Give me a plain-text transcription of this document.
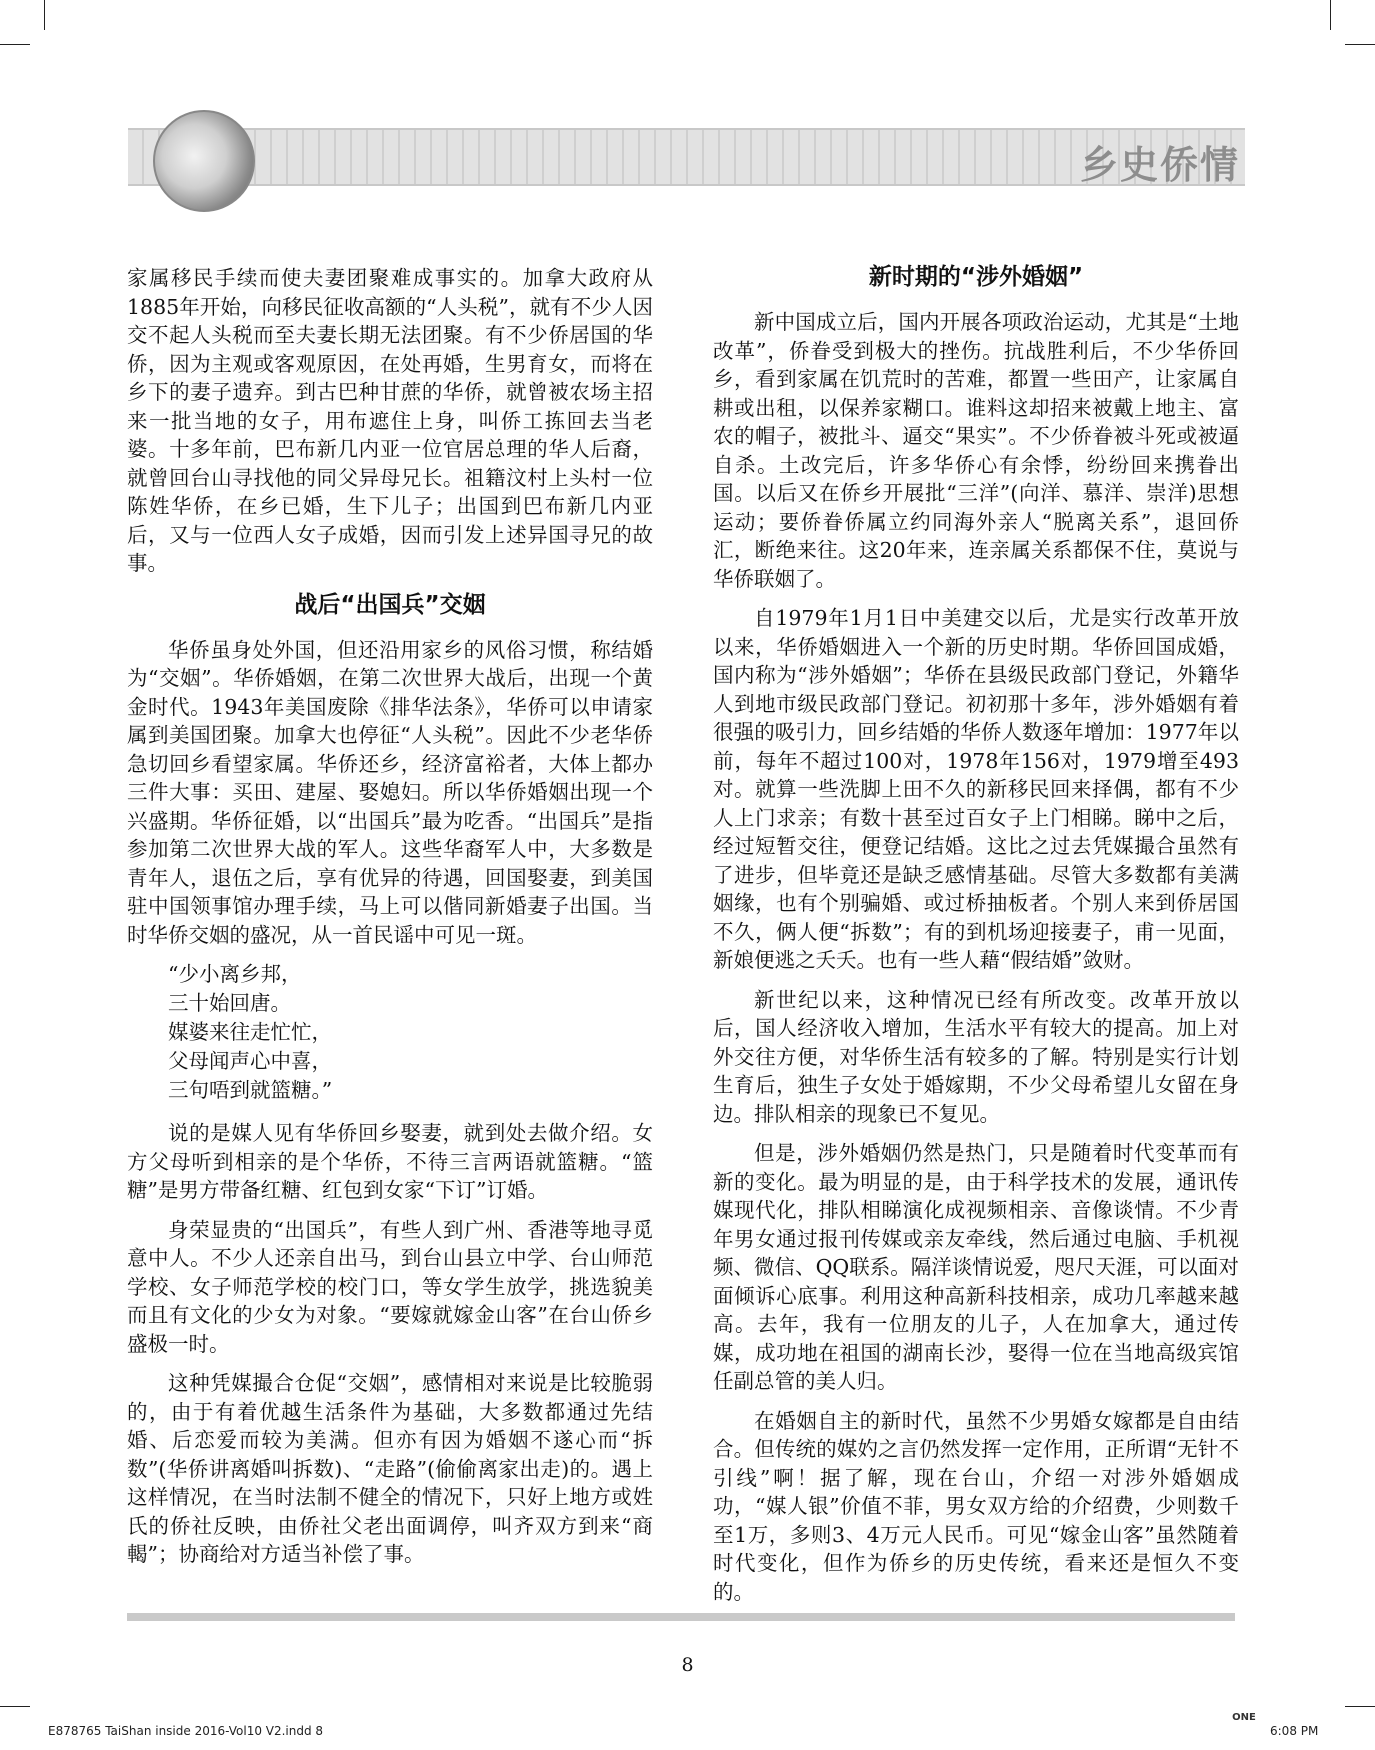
乡史侨情

家属移民手续而使夫妻团聚难成事实的。加拿大政府从1885年开始，向移民征收高额的“人头税”，就有不少人因交不起人头税而至夫妻长期无法团聚。有不少侨居国的华侨，因为主观或客观原因，在处再婚，生男育女，而将在乡下的妻子遗弃。到古巴种甘蔗的华侨，就曾被农场主招来一批当地的女子，用布遮住上身，叫侨工拣回去当老婆。十多年前，巴布新几内亚一位官居总理的华人后裔，就曾回台山寻找他的同父异母兄长。祖籍汶村上头村一位陈姓华侨，在乡已婚，生下儿子；出国到巴布新几内亚后，又与一位西人女子成婚，因而引发上述异国寻兄的故事。

战后“出国兵”交姻

华侨虽身处外国，但还沿用家乡的风俗习惯，称结婚为“交姻”。华侨婚姻，在第二次世界大战后，出现一个黄金时代。1943年美国废除《排华法条》，华侨可以申请家属到美国团聚。加拿大也停征“人头税”。因此不少老华侨急切回乡看望家属。华侨还乡，经济富裕者，大体上都办三件大事：买田、建屋、娶媳妇。所以华侨婚姻出现一个兴盛期。华侨征婚，以“出国兵”最为吃香。“出国兵”是指参加第二次世界大战的军人。这些华裔军人中，大多数是青年人，退伍之后，享有优异的待遇，回国娶妻，到美国驻中国领事馆办理手续，马上可以偕同新婚妻子出国。当时华侨交姻的盛况，从一首民谣中可见一斑。

“少小离乡邦，
三十始回唐。
媒婆来往走忙忙，
父母闻声心中喜，
三句唔到就篮糖。”

说的是媒人见有华侨回乡娶妻，就到处去做介绍。女方父母听到相亲的是个华侨，不待三言两语就篮糖。“篮糖”是男方带备红糖、红包到女家“下订”订婚。

身荣显贵的“出国兵”，有些人到广州、香港等地寻觅意中人。不少人还亲自出马，到台山县立中学、台山师范学校、女子师范学校的校门口，等女学生放学，挑选貌美而且有文化的少女为对象。“要嫁就嫁金山客”在台山侨乡盛极一时。

这种凭媒撮合仓促“交姻”，感情相对来说是比较脆弱的，由于有着优越生活条件为基础，大多数都通过先结婚、后恋爱而较为美满。但亦有因为婚姻不遂心而“拆数”(华侨讲离婚叫拆数)、“走路”(偷偷离家出走)的。遇上这样情况，在当时法制不健全的情况下，只好上地方或姓氏的侨社反映，由侨社父老出面调停，叫齐双方到来“商輵”；协商给对方适当补偿了事。

新时期的“涉外婚姻”

新中国成立后，国内开展各项政治运动，尤其是“土地改革”，侨眷受到极大的挫伤。抗战胜利后，不少华侨回乡，看到家属在饥荒时的苦难，都置一些田产，让家属自耕或出租，以保养家糊口。谁料这却招来被戴上地主、富农的帽子，被批斗、逼交“果实”。不少侨眷被斗死或被逼自杀。土改完后，许多华侨心有余悸，纷纷回来携眷出国。以后又在侨乡开展批“三洋”(向洋、慕洋、崇洋)思想运动；要侨眷侨属立约同海外亲人“脱离关系”，退回侨汇，断绝来往。这20年来，连亲属关系都保不住，莫说与华侨联姻了。

自1979年1月1日中美建交以后，尤是实行改革开放以来，华侨婚姻进入一个新的历史时期。华侨回国成婚，国内称为“涉外婚姻”；华侨在县级民政部门登记，外籍华人到地市级民政部门登记。初初那十多年，涉外婚姻有着很强的吸引力，回乡结婚的华侨人数逐年增加：1977年以前，每年不超过100对，1978年156对，1979增至493对。就算一些洗脚上田不久的新移民回来择偶，都有不少人上门求亲；有数十甚至过百女子上门相睇。睇中之后，经过短暂交往，便登记结婚。这比之过去凭媒撮合虽然有了进步，但毕竟还是缺乏感情基础。尽管大多数都有美满姻缘，也有个别骗婚、或过桥抽板者。个别人来到侨居国不久，俩人便“拆数”；有的到机场迎接妻子，甫一见面，新娘便逃之夭夭。也有一些人藉“假结婚”敛财。

新世纪以来，这种情况已经有所改变。改革开放以后，国人经济收入增加，生活水平有较大的提高。加上对外交往方便，对华侨生活有较多的了解。特别是实行计划生育后，独生子女处于婚嫁期，不少父母希望儿女留在身边。排队相亲的现象已不复见。

但是，涉外婚姻仍然是热门，只是随着时代变革而有新的变化。最为明显的是，由于科学技术的发展，通讯传媒现代化，排队相睇演化成视频相亲、音像谈情。不少青年男女通过报刊传媒或亲友牵线，然后通过电脑、手机视频、微信、QQ联系。隔洋谈情说爱，咫尺天涯，可以面对面倾诉心底事。利用这种高新科技相亲，成功几率越来越高。去年，我有一位朋友的儿子，人在加拿大，通过传媒，成功地在祖国的湖南长沙，娶得一位在当地高级宾馆任副总管的美人归。

在婚姻自主的新时代，虽然不少男婚女嫁都是自由结合。但传统的媒妁之言仍然发挥一定作用，正所谓“无针不引线”啊！据了解，现在台山，介绍一对涉外婚姻成功，“媒人银”价值不菲，男女双方给的介绍费，少则数千至1万，多则3、4万元人民币。可见“嫁金山客”虽然随着时代变化，但作为侨乡的历史传统，看来还是恒久不变的。

8
E878765 TaiShan inside 2016-Vol10 V2.indd 8
ONE
6:08 PM
